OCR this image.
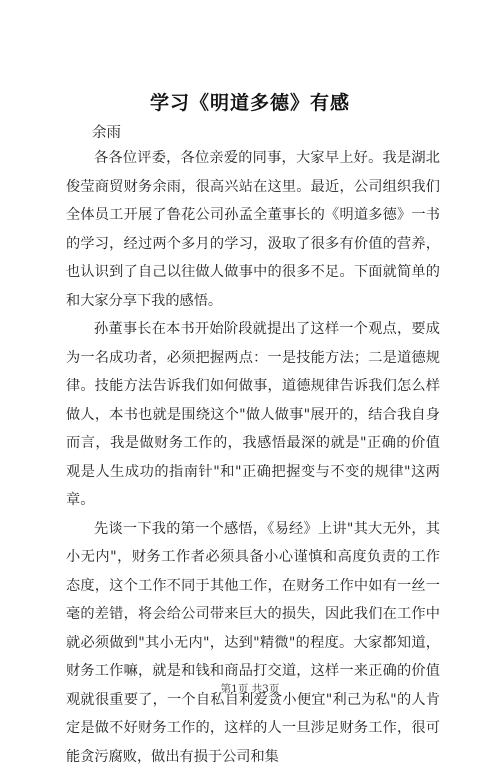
学习《明道多德》有感
余雨

各各位评委，各位亲爱的同事，大家早上好。我是湖北俊莹商贸财务余雨，很高兴站在这里。最近，公司组织我们全体员工开展了鲁花公司孙孟全董事长的《明道多德》一书的学习，经过两个多月的学习，汲取了很多有价值的营养，也认识到了自己以往做人做事中的很多不足。下面就简单的和大家分享下我的感悟。

孙董事长在本书开始阶段就提出了这样一个观点，要成为一名成功者，必须把握两点：一是技能方法；二是道德规律。技能方法告诉我们如何做事，道德规律告诉我们怎么样做人，本书也就是围绕这个"做人做事"展开的，结合我自身而言，我是做财务工作的，我感悟最深的就是"正确的价值观是人生成功的指南针"和"正确把握变与不变的规律"这两章。

先谈一下我的第一个感悟，《易经》上讲"其大无外，其小无内"，财务工作者必须具备小心谨慎和高度负责的工作态度，这个工作不同于其他工作，在财务工作中如有一丝一毫的差错，将会给公司带来巨大的损失，因此我们在工作中就必须做到"其小无内"，达到"精微"的程度。大家都知道，财务工作嘛，就是和钱和商品打交道，这样一来正确的价值观就很重要了，一个自私自利爱贪小便宜"利己为私"的人肯定是做不好财务工作的，这样的人一旦涉足财务工作，很可能贪污腐败，做出有损于公司和集

第1页 共3页
